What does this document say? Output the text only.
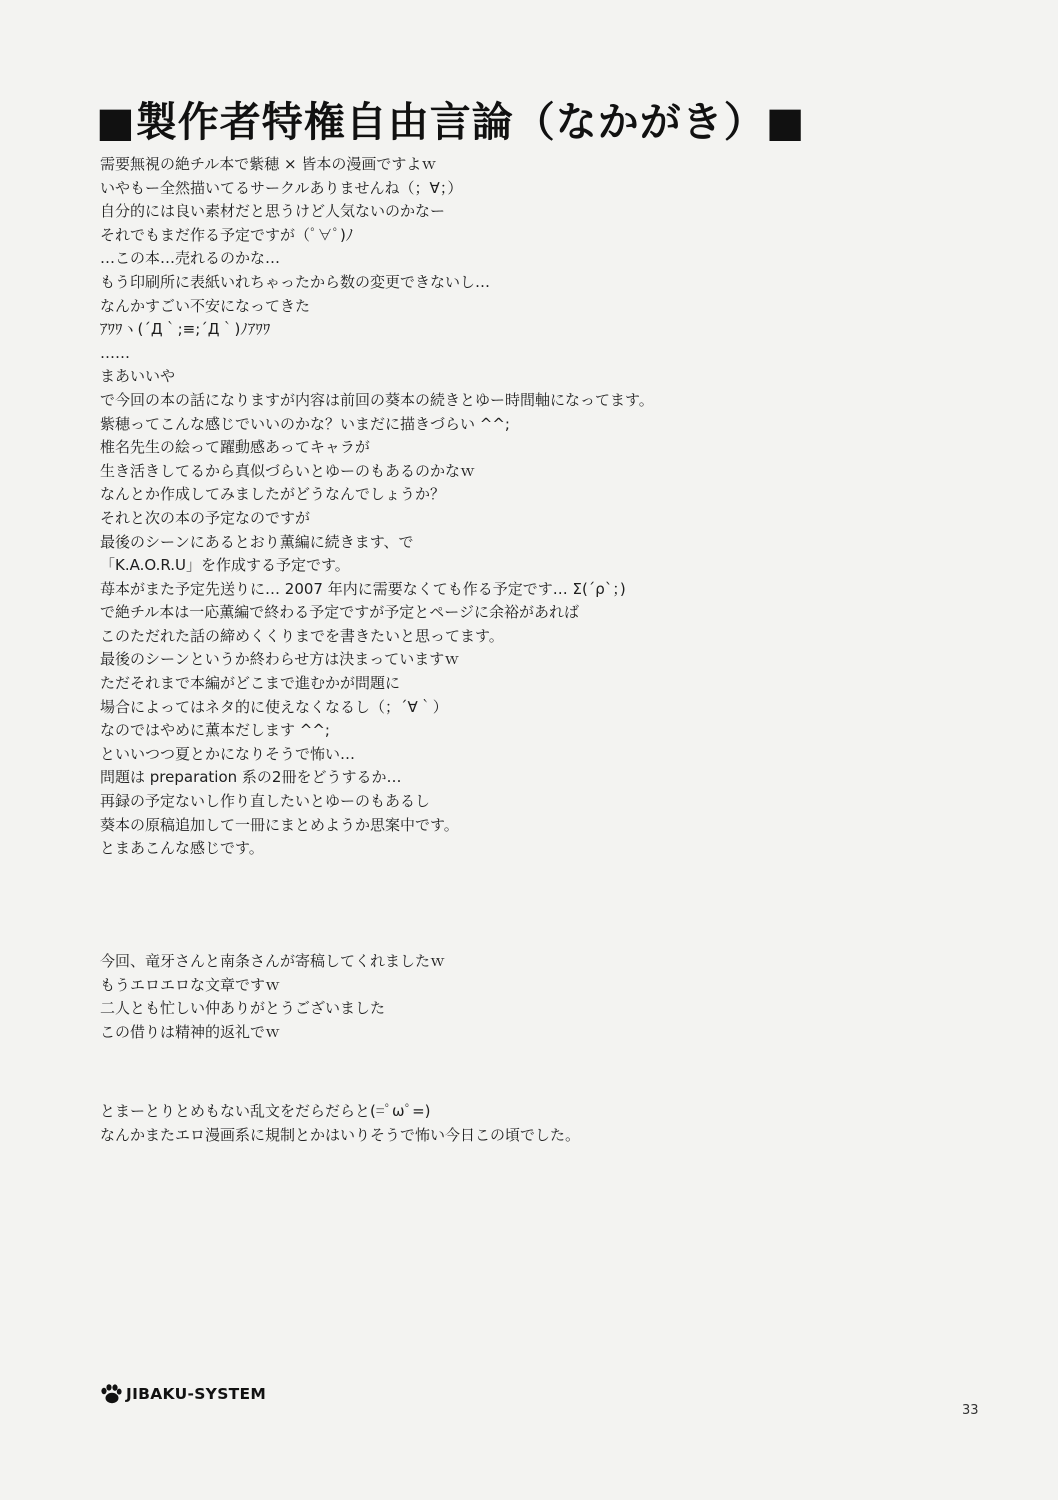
■製作者特権自由言論（なかがき）■
需要無視の絶チル本で紫穂 × 皆本の漫画ですよｗ
いやもー全然描いてるサークルありませんね（；∀；）
自分的には良い素材だと思うけど人気ないのかなー
それでもまだ作る予定ですが（ﾟ∀ﾟ)ﾉ
…この本…売れるのかな…
もう印刷所に表紙いれちゃったから数の変更できないし…
なんかすごい不安になってきた
ｱﾜﾜヽ(´Д｀;≡;´Д｀)ﾉｱﾜﾜ
……
まあいいや
で今回の本の話になりますが内容は前回の葵本の続きとゆー時間軸になってます。
紫穂ってこんな感じでいいのかな？いまだに描きづらい ^^;
椎名先生の絵って躍動感あってキャラが
生き活きしてるから真似づらいとゆーのもあるのかなｗ
なんとか作成してみましたがどうなんでしょうか？
それと次の本の予定なのですが
最後のシーンにあるとおり薫編に続きます、で
「K.A.O.R.U」を作成する予定です。
苺本がまた予定先送りに… 2007 年内に需要なくても作る予定です… Σ(´ρ`；)
で絶チル本は一応薫編で終わる予定ですが予定とページに余裕があれば
このただれた話の締めくくりまでを書きたいと思ってます。
最後のシーンというか終わらせ方は決まっていますｗ
ただそれまで本編がどこまで進むかが問題に
場合によってはネタ的に使えなくなるし（；´∀｀）
なのではやめに薫本だします ^^;
といいつつ夏とかになりそうで怖い…
問題は preparation 系の2冊をどうするか…
再録の予定ないし作り直したいとゆーのもあるし
葵本の原稿追加して一冊にまとめようか思案中です。
とまあこんな感じです。
今回、竜牙さんと南条さんが寄稿してくれましたｗ
もうエロエロな文章ですｗ
二人とも忙しい仲ありがとうございました
この借りは精神的返礼でｗ
とまーとりとめもない乱文をだらだらと(=ﾟωﾟ=)
なんかまたエロ漫画系に規制とかはいりそうで怖い今日この頃でした。
JIBAKU-SYSTEM
33
